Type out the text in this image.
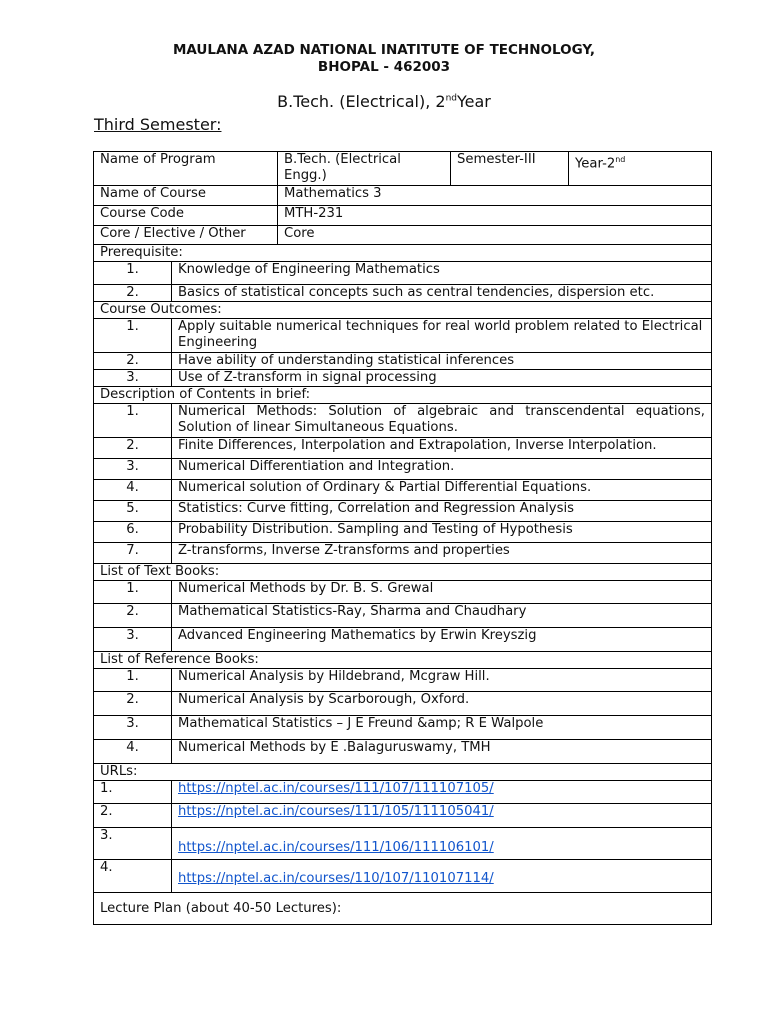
MAULANA AZAD NATIONAL INATITUTE OF TECHNOLOGY,
BHOPAL - 462003
B.Tech. (Electrical), 2ndYear
Third Semester:
Name of Program		B.Tech. (Electrical Engg.)	Semester-III	Year-2nd
Name of Course		Mathematics 3		
Course Code		MTH-231		
Core / Elective / Other		Core		
Prerequisite:				
1.	Knowledge of Engineering Mathematics			
2.	Basics of statistical concepts such as central tendencies, dispersion etc.			
Course Outcomes:				
1.	Apply suitable numerical techniques for real world problem related to Electrical Engineering			
2.	Have ability of understanding statistical inferences			
3.	Use of Z-transform in signal processing			
Description of Contents in brief:				
1.	Numerical Methods: Solution of algebraic and transcendental equations, Solution of linear Simultaneous Equations.			
2.	Finite Differences, Interpolation and Extrapolation, Inverse Interpolation.			
3.	Numerical Differentiation and Integration.			
4.	Numerical solution of Ordinary & Partial Differential Equations.			
5.	Statistics: Curve fitting, Correlation and Regression Analysis			
6.	Probability Distribution. Sampling and Testing of Hypothesis			
7.	Z-transforms, Inverse Z-transforms and properties			
List of Text Books:				
1.	Numerical Methods by Dr. B. S. Grewal			
2.	Mathematical Statistics-Ray, Sharma and Chaudhary			
3.	Advanced Engineering Mathematics by Erwin Kreyszig			
List of Reference Books:				
1.	Numerical Analysis by Hildebrand, Mcgraw Hill.			
2.	Numerical Analysis by Scarborough, Oxford.			
3.	Mathematical Statistics – J E Freund &amp; R E Walpole			
4.	Numerical Methods by E .Balaguruswamy, TMH			
URLs:				
1.	https://nptel.ac.in/courses/111/107/111107105/			
2.	https://nptel.ac.in/courses/111/105/111105041/			
3.	https://nptel.ac.in/courses/111/106/111106101/			
4.	https://nptel.ac.in/courses/110/107/110107114/			
Lecture Plan (about 40-50 Lectures):				
